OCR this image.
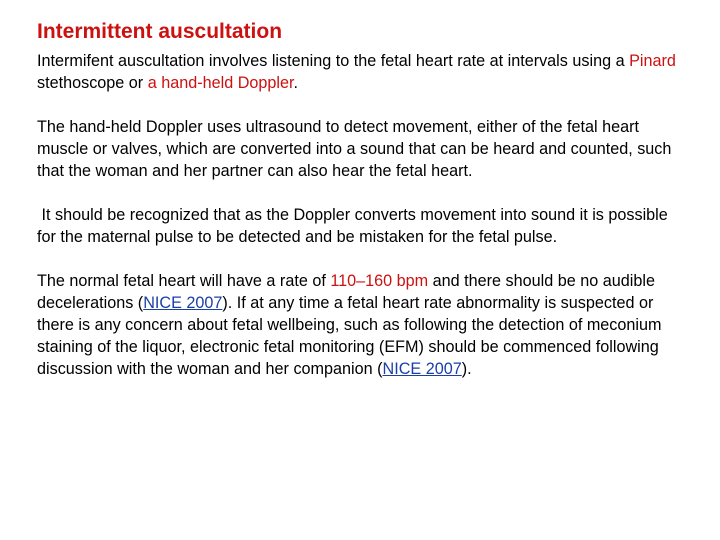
Intermittent auscultation

Intermifent auscultation involves listening to the fetal heart rate at intervals using a Pinard stethoscope or a hand-held Doppler.

The hand-held Doppler uses ultrasound to detect movement, either of the fetal heart muscle or valves, which are converted into a sound that can be heard and counted, such that the woman and her partner can also hear the fetal heart.

It should be recognized that as the Doppler converts movement into sound it is possible for the maternal pulse to be detected and be mistaken for the fetal pulse.

The normal fetal heart will have a rate of 110–160 bpm and there should be no audible decelerations (NICE 2007). If at any time a fetal heart rate abnormality is suspected or there is any concern about fetal wellbeing, such as following the detection of meconium staining of the liquor, electronic fetal monitoring (EFM) should be commenced following discussion with the woman and her companion (NICE 2007).
